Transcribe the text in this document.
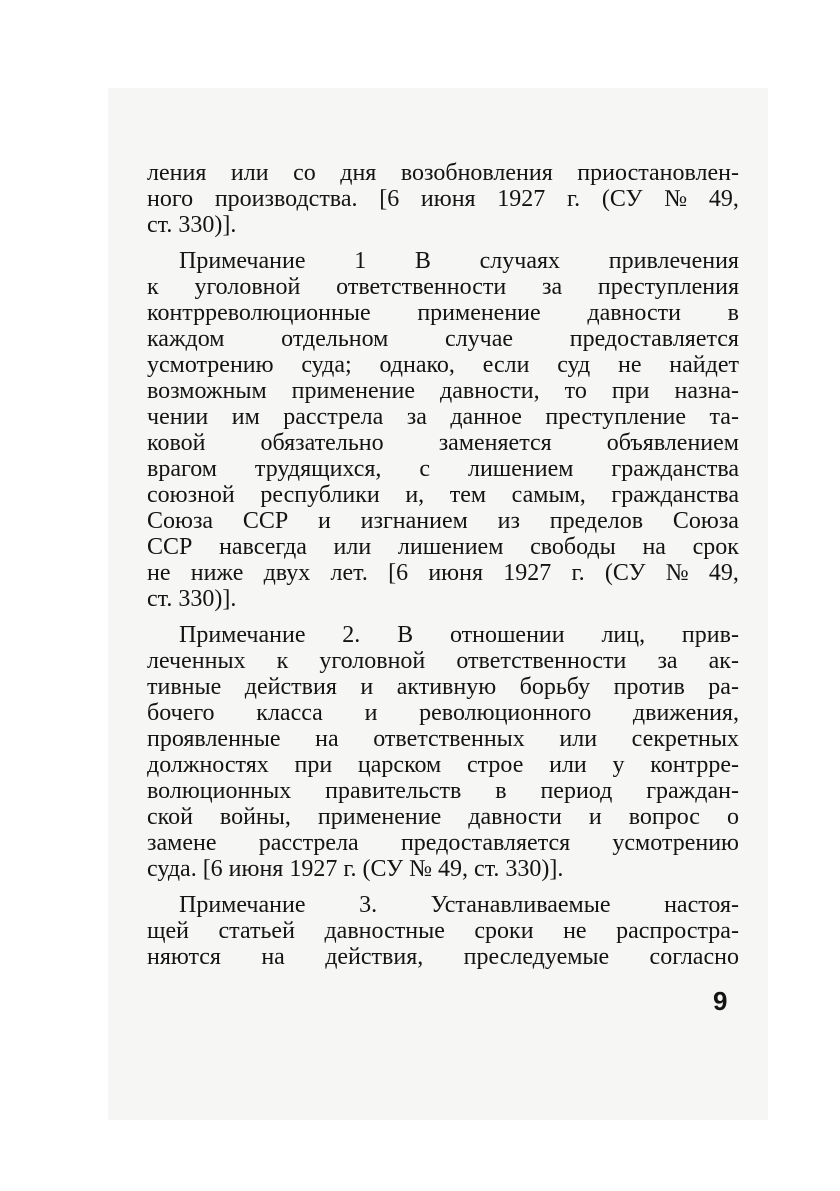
ления или со дня возобновления приостановлен-
ного производства. [6 июня 1927 г. (СУ № 49,
ст. 330)].
Примечание 1 В случаях привлечения
к уголовной ответственности за преступления
контрреволюционные применение давности в
каждом отдельном случае предоставляется
усмотрению суда; однако, если суд не найдет
возможным применение давности, то при назна-
чении им расстрела за данное преступление та-
ковой обязательно заменяется объявлением
врагом трудящихся, с лишением гражданства
союзной республики и, тем самым, гражданства
Союза ССР и изгнанием из пределов Союза
ССР навсегда или лишением свободы на срок
не ниже двух лет. [6 июня 1927 г. (СУ № 49,
ст. 330)].
Примечание 2. В отношении лиц, прив-
леченных к уголовной ответственности за ак-
тивные действия и активную борьбу против ра-
бочего класса и революционного движения,
проявленные на ответственных или секретных
должностях при царском строе или у контрре-
волюционных правительств в период граждан-
ской войны, применение давности и вопрос о
замене расстрела предоставляется усмотрению
суда. [6 июня 1927 г. (СУ № 49, ст. 330)].
Примечание 3. Устанавливаемые настоя-
щей статьей давностные сроки не распростра-
няются на действия, преследуемые согласно
9
